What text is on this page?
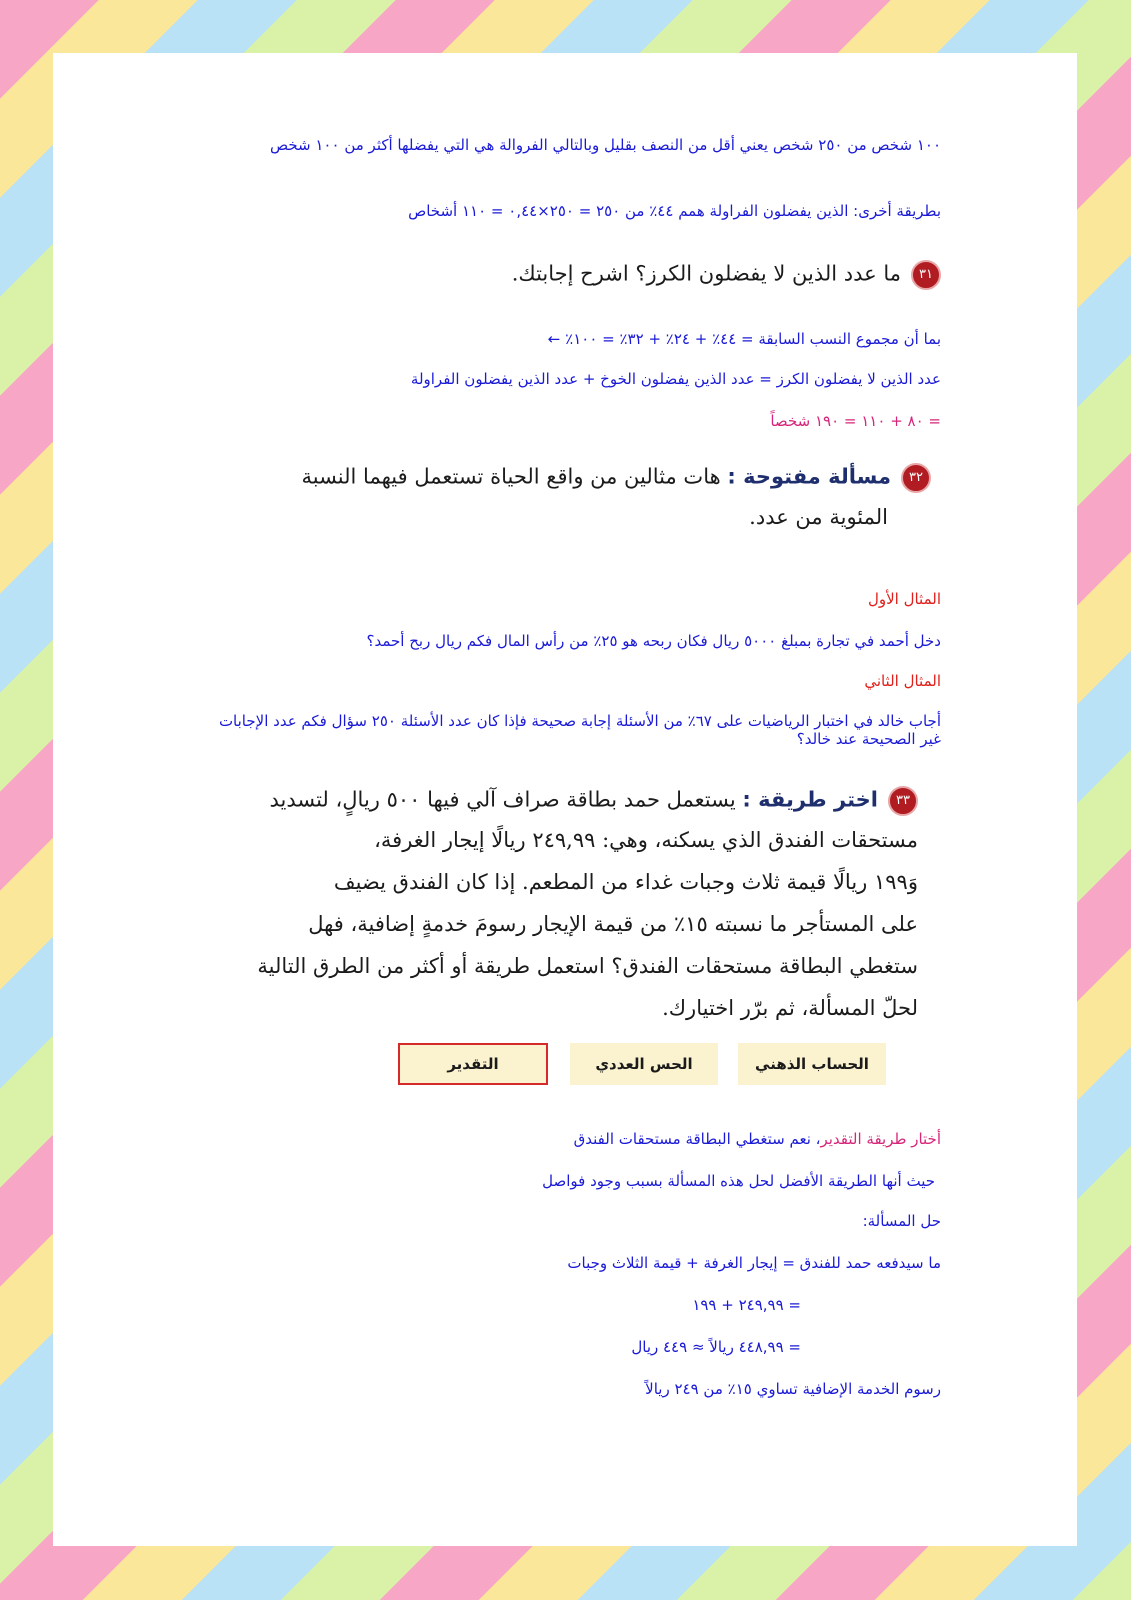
١٠٠ شخص من ٢٥٠ شخص يعني أقل من النصف بقليل وبالتالي الفروالة هي التي يفضلها أكثر من ١٠٠ شخص
بطريقة أخرى: الذين يفضلون الفراولة همم ٤٤٪ من ٢٥٠ = ٢٥٠×٠,٤٤ = ١١٠ أشخاص
٣١ما عدد الذين لا يفضلون الكرز؟ اشرح إجابتك.
بما أن مجموع النسب السابقة = ٤٤٪ + ٢٤٪ + ٣٢٪ = ١٠٠٪ ←
عدد الذين لا يفضلون الكرز = عدد الذين يفضلون الخوخ + عدد الذين يفضلون الفراولة
= ٨٠ + ١١٠ = ١٩٠ شخصاً
٣٢مسألة مفتوحة : هات مثالين من واقع الحياة تستعمل فيهما النسبة
المئوية من عدد.
المثال الأول
دخل أحمد في تجارة بمبلغ ٥٠٠٠ ريال فكان ربحه هو ٢٥٪ من رأس المال فكم ريال ربح أحمد؟
المثال الثاني
أجاب خالد في اختبار الرياضيات على ٦٧٪ من الأسئلة إجابة صحيحة فإذا كان عدد الأسئلة ٢٥٠ سؤال فكم عدد الإجابات غير الصحيحة عند خالد؟
٣٣اختر طريقة : يستعمل حمد بطاقة صراف آلي فيها ٥٠٠ ريالٍ، لتسديد
مستحقات الفندق الذي يسكنه، وهي: ٢٤٩,٩٩ ريالًا إيجار الغرفة،
وَ١٩٩ ريالًا قيمة ثلاث وجبات غداء من المطعم. إذا كان الفندق يضيف
على المستأجر ما نسبته ١٥٪ من قيمة الإيجار رسومَ خدمةٍ إضافية، فهل
ستغطي البطاقة مستحقات الفندق؟ استعمل طريقة أو أكثر من الطرق التالية
لحلّ المسألة، ثم برّر اختيارك.
الحساب الذهني
الحس العددي
التقدير
أختار طريقة التقدير، نعم ستغطي البطاقة مستحقات الفندق
حيث أنها الطريقة الأفضل لحل هذه المسألة بسبب وجود فواصل
حل المسألة:
ما سيدفعه حمد للفندق = إيجار الغرفة + قيمة الثلاث وجبات
= ٢٤٩,٩٩ + ١٩٩
= ٤٤٨,٩٩ ريالاً ≈ ٤٤٩ ريال
رسوم الخدمة الإضافية تساوي ١٥٪ من ٢٤٩ ريالاً
